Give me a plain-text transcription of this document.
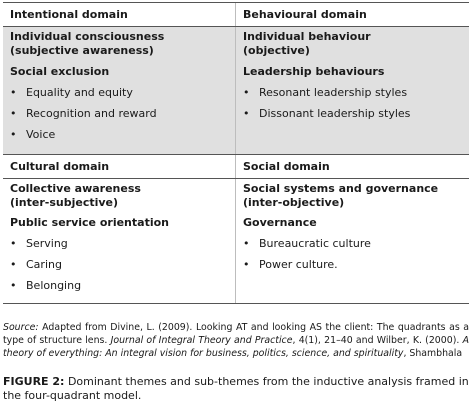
Intentional domain	Behavioural domain
Individual consciousness
(subjective awareness)
Individual behaviour
(objective)
Social exclusion
• Equality and equity
• Recognition and reward
• Voice
Leadership behaviours
• Resonant leadership styles
• Dissonant leadership styles
Cultural domain	Social domain
Collective awareness
(inter-subjective)
Social systems and governance
(inter-objective)
Public service orientation
• Serving
• Caring
• Belonging
Governance
• Bureaucratic culture
• Power culture.
Source: Adapted from Divine, L. (2009). Looking AT and looking AS the client: The quadrants as a type of structure lens. Journal of Integral Theory and Practice, 4(1), 21–40 and Wilber, K. (2000). A theory of everything: An integral vision for business, politics, science, and spirituality, Shambhala
FIGURE 2: Dominant themes and sub-themes from the inductive analysis framed in the four-quadrant model.
